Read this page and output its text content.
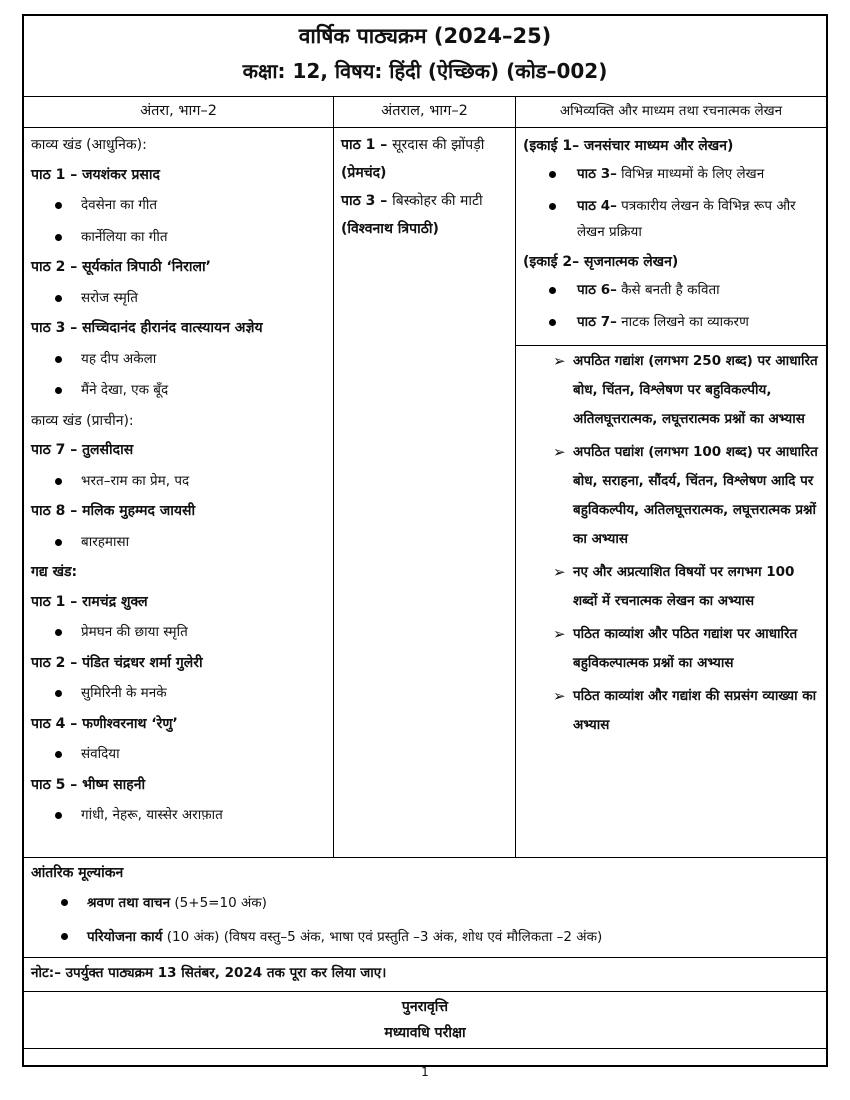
वार्षिक पाठ्यक्रम (2024–25)
कक्षा: 12, विषय: हिंदी (ऐच्छिक) (कोड–002)
अंतरा, भाग–2	अंतराल, भाग–2	अभिव्यक्ति और माध्यम तथा रचनात्मक लेखन
काव्य खंड (आधुनिक):
पाठ 1 – जयशंकर प्रसाद
देवसेना का गीत
कार्नेलिया का गीत
पाठ 2 – सूर्यकांत त्रिपाठी ‘निराला’
सरोज स्मृति
पाठ 3 – सच्चिदानंद हीरानंद वात्स्यायन अज्ञेय
यह दीप अकेला
मैंने देखा, एक बूँद
काव्य खंड (प्राचीन):
पाठ 7 – तुलसीदास
भरत–राम का प्रेम, पद
पाठ 8 – मलिक मुहम्मद जायसी
बारहमासा
गद्य खंड:
पाठ 1 – रामचंद्र शुक्ल
प्रेमघन की छाया स्मृति
पाठ 2 – पंडित चंद्रधर शर्मा गुलेरी
सुमिरिनी के मनके
पाठ 4 – फणीश्वरनाथ ‘रेणु’
संवदिया
पाठ 5 – भीष्म साहनी
गांधी, नेहरू, यास्सेर अराफ़ात
पाठ 1 – सूरदास की झोंपड़ी
(प्रेमचंद)
पाठ 3 – बिस्कोहर की माटी
(विश्वनाथ त्रिपाठी)
(इकाई 1– जनसंचार माध्यम और लेखन)
पाठ 3– विभिन्न माध्यमों के लिए लेखन
पाठ 4– पत्रकारीय लेखन के विभिन्न रूप और लेखन प्रक्रिया
(इकाई 2– सृजनात्मक लेखन)
पाठ 6– कैसे बनती है कविता
पाठ 7– नाटक लिखने का व्याकरण
➢ अपठित गद्यांश (लगभग 250 शब्द) पर आधारित बोध, चिंतन, विश्लेषण पर बहुविकल्पीय, अतिलघूत्तरात्मक, लघूत्तरात्मक प्रश्नों का अभ्यास
➢ अपठित पद्यांश (लगभग 100 शब्द) पर आधारित बोध, सराहना, सौंदर्य, चिंतन, विश्लेषण आदि पर बहुविकल्पीय, अतिलघूत्तरात्मक, लघूत्तरात्मक प्रश्नों का अभ्यास
➢ नए और अप्रत्याशित विषयों पर लगभग 100 शब्दों में रचनात्मक लेखन का अभ्यास
➢ पठित काव्यांश और पठित गद्यांश पर आधारित बहुविकल्पात्मक प्रश्नों का अभ्यास
➢ पठित काव्यांश और गद्यांश की सप्रसंग व्याख्या का अभ्यास
आंतरिक मूल्यांकन
श्रवण तथा वाचन (5+5=10 अंक)
परियोजना कार्य (10 अंक) (विषय वस्तु–5 अंक, भाषा एवं प्रस्तुति –3 अंक, शोध एवं मौलिकता –2 अंक)
नोट:– उपर्युक्त पाठ्यक्रम 13 सितंबर, 2024 तक पूरा कर लिया जाए।
पुनरावृत्ति
मध्यावधि परीक्षा
1
